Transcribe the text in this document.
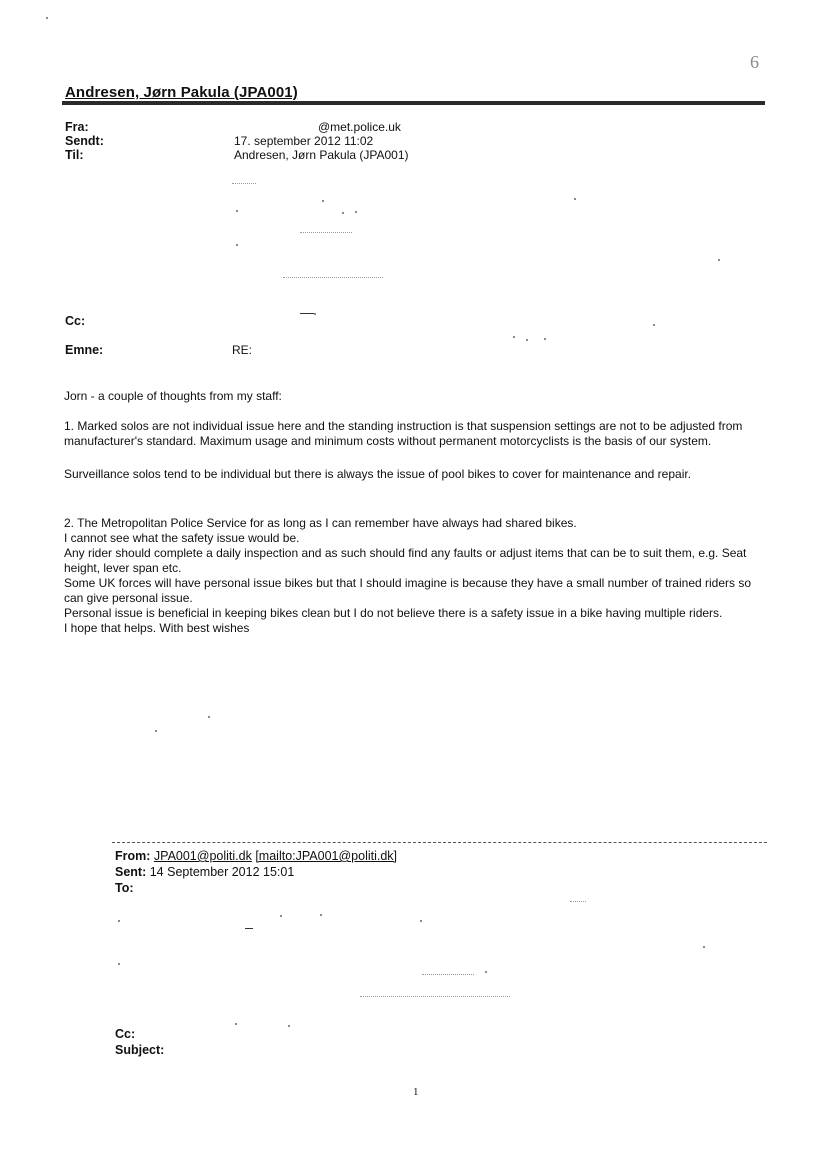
6
Andresen, Jørn Pakula (JPA001)
Fra:	@met.police.uk
Sendt:	17. september 2012 11:02
Til:	Andresen, Jørn Pakula (JPA001)
Cc:
Emne:	RE:
Jorn - a couple of thoughts from my staff:
1. Marked solos are not individual issue here and the standing instruction is that suspension settings are not to be adjusted from manufacturer's standard. Maximum usage and minimum costs without permanent motorcyclists is the basis of our system.
Surveillance solos tend to be individual but there is always the issue of pool bikes to cover for maintenance and repair.
2. The Metropolitan Police Service for as long as I can remember have always had shared bikes.
I cannot see what the safety issue would be.
Any rider should complete a daily inspection and as such should find any faults or adjust items that can be to suit them, e.g. Seat height, lever span etc.
Some UK forces will have personal issue bikes but that I should imagine is because they have a small number of trained riders so can give personal issue.
Personal issue is beneficial in keeping bikes clean but I do not believe there is a safety issue in a bike having multiple riders.
I hope that helps. With best wishes
From: JPA001@politi.dk [mailto:JPA001@politi.dk]
Sent: 14 September 2012 15:01
To:
Cc:
Subject:
1
